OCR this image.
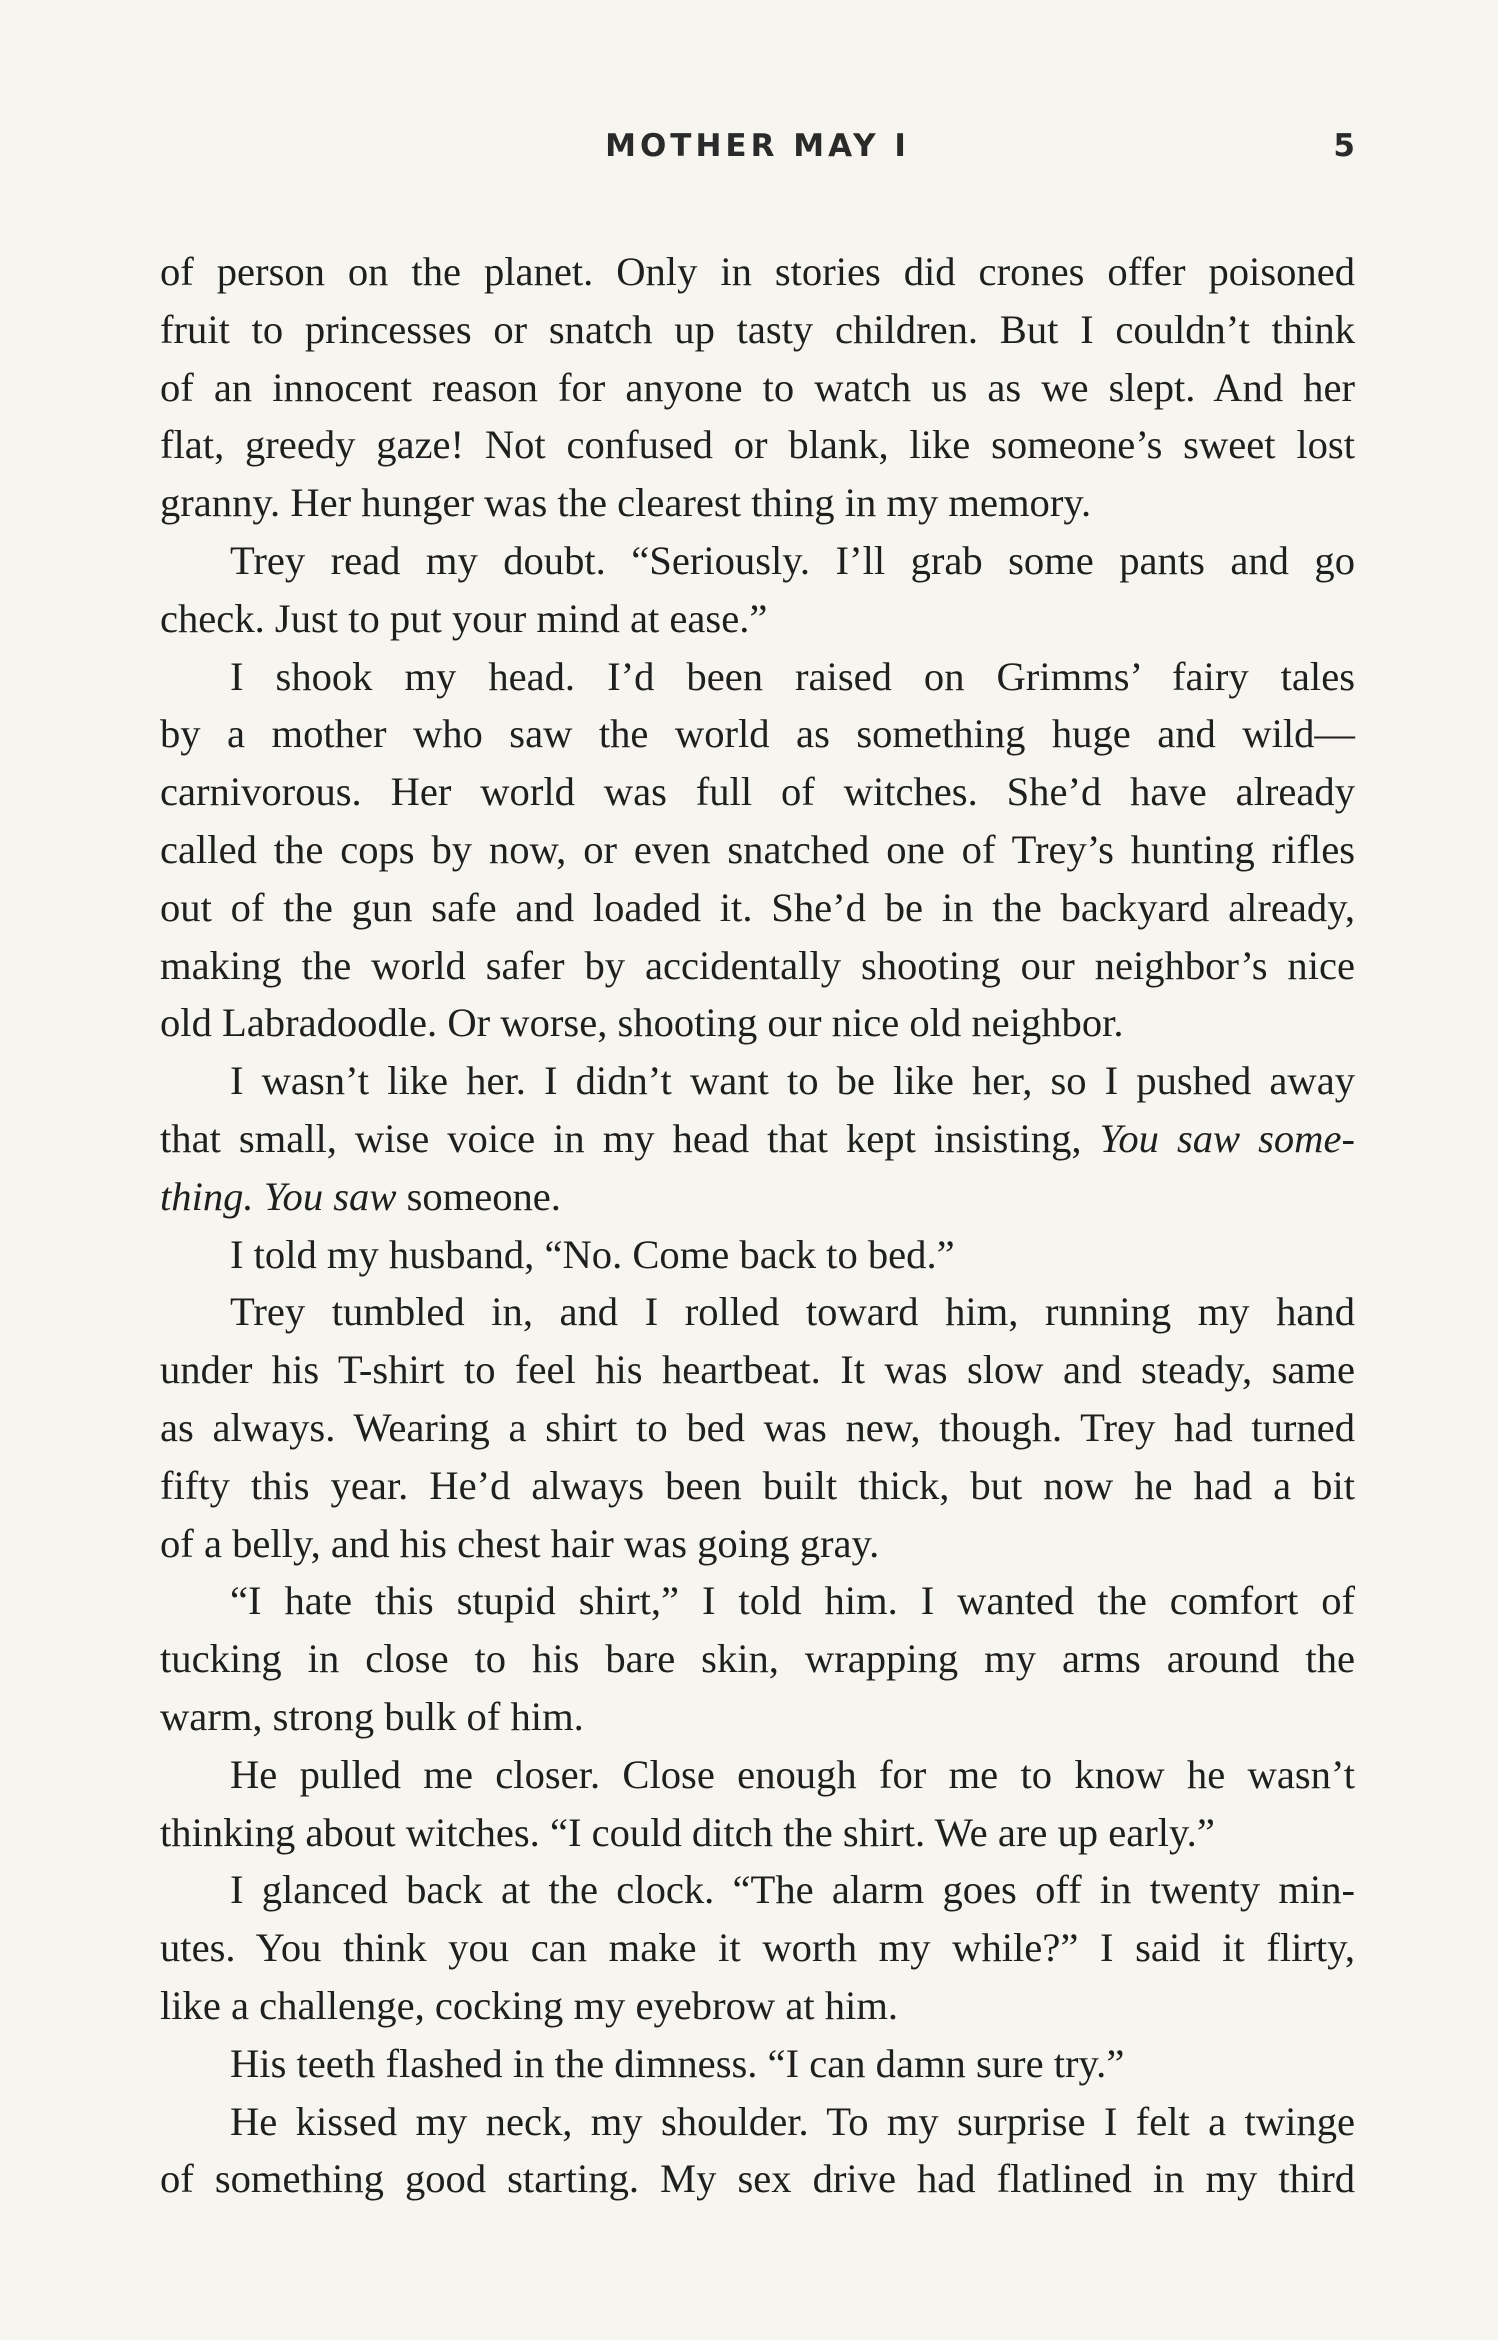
MOTHER MAY I	5
of person on the planet. Only in stories did crones offer poisoned
fruit to princesses or snatch up tasty children. But I couldn’t think
of an innocent reason for anyone to watch us as we slept. And her
flat, greedy gaze! Not confused or blank, like someone’s sweet lost
granny. Her hunger was the clearest thing in my memory.
Trey read my doubt. “Seriously. I’ll grab some pants and go
check. Just to put your mind at ease.”
I shook my head. I’d been raised on Grimms’ fairy tales
by a mother who saw the world as something huge and wild—
carnivorous. Her world was full of witches. She’d have already
called the cops by now, or even snatched one of Trey’s hunting rifles
out of the gun safe and loaded it. She’d be in the backyard already,
making the world safer by accidentally shooting our neighbor’s nice
old Labradoodle. Or worse, shooting our nice old neighbor.
I wasn’t like her. I didn’t want to be like her, so I pushed away
that small, wise voice in my head that kept insisting, You saw some-
thing. You saw someone.
I told my husband, “No. Come back to bed.”
Trey tumbled in, and I rolled toward him, running my hand
under his T-shirt to feel his heartbeat. It was slow and steady, same
as always. Wearing a shirt to bed was new, though. Trey had turned
fifty this year. He’d always been built thick, but now he had a bit
of a belly, and his chest hair was going gray.
“I hate this stupid shirt,” I told him. I wanted the comfort of
tucking in close to his bare skin, wrapping my arms around the
warm, strong bulk of him.
He pulled me closer. Close enough for me to know he wasn’t
thinking about witches. “I could ditch the shirt. We are up early.”
I glanced back at the clock. “The alarm goes off in twenty min-
utes. You think you can make it worth my while?” I said it flirty,
like a challenge, cocking my eyebrow at him.
His teeth flashed in the dimness. “I can damn sure try.”
He kissed my neck, my shoulder. To my surprise I felt a twinge
of something good starting. My sex drive had flatlined in my third
